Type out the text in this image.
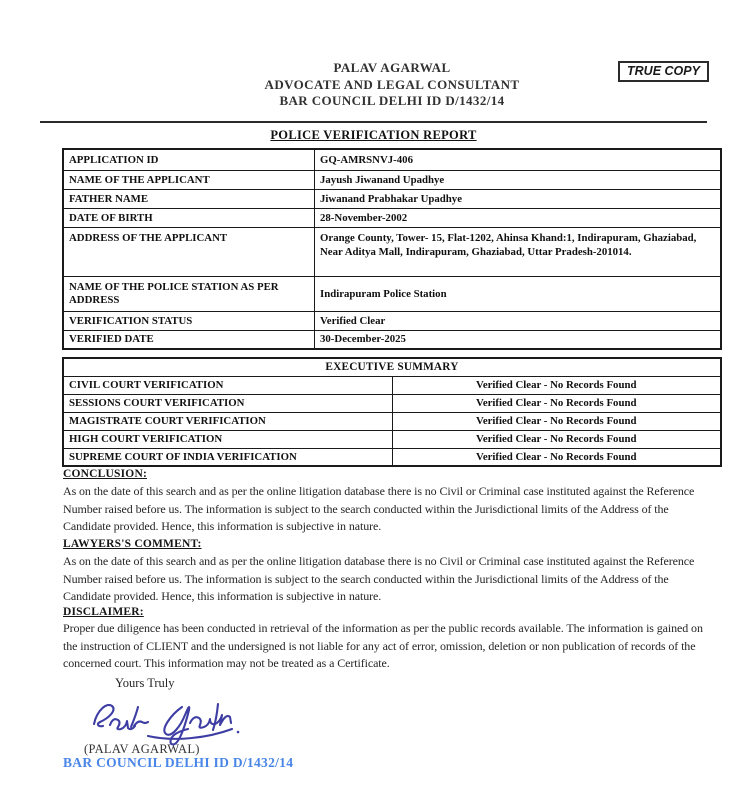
PALAV AGARWAL
ADVOCATE AND LEGAL CONSULTANT
BAR COUNCIL DELHI ID D/1432/14
TRUE COPY
POLICE VERIFICATION REPORT
APPLICATION ID	GQ-AMRSNVJ-406
NAME OF THE APPLICANT	Jayush Jiwanand Upadhye
FATHER NAME	Jiwanand Prabhakar Upadhye
DATE OF BIRTH	28-November-2002
ADDRESS OF THE APPLICANT	Orange County, Tower- 15, Flat-1202, Ahinsa Khand:1, Indirapuram, Ghaziabad, Near Aditya Mall, Indirapuram, Ghaziabad, Uttar Pradesh-201014.
NAME OF THE POLICE STATION AS PER ADDRESS	Indirapuram Police Station
VERIFICATION STATUS	Verified Clear
VERIFIED DATE	30-December-2025
EXECUTIVE SUMMARY	
CIVIL COURT VERIFICATION	Verified Clear - No Records Found
SESSIONS COURT VERIFICATION	Verified Clear - No Records Found
MAGISTRATE COURT VERIFICATION	Verified Clear - No Records Found
HIGH COURT VERIFICATION	Verified Clear - No Records Found
SUPREME COURT OF INDIA VERIFICATION	Verified Clear - No Records Found
CONCLUSION:
As on the date of this search and as per the online litigation database there is no Civil or Criminal case instituted against the Reference Number raised before us. The information is subject to the search conducted within the Jurisdictional limits of the Address of the Candidate provided. Hence, this information is subjective in nature.
LAWYERS'S COMMENT:
As on the date of this search and as per the online litigation database there is no Civil or Criminal case instituted against the Reference Number raised before us. The information is subject to the search conducted within the Jurisdictional limits of the Address of the Candidate provided. Hence, this information is subjective in nature.
DISCLAIMER:
Proper due diligence has been conducted in retrieval of the information as per the public records available. The information is gained on the instruction of CLIENT and the undersigned is not liable for any act of error, omission, deletion or non publication of records of the concerned court. This information may not be treated as a Certificate.
Yours Truly
(PALAV AGARWAL)
BAR COUNCIL DELHI ID D/1432/14
